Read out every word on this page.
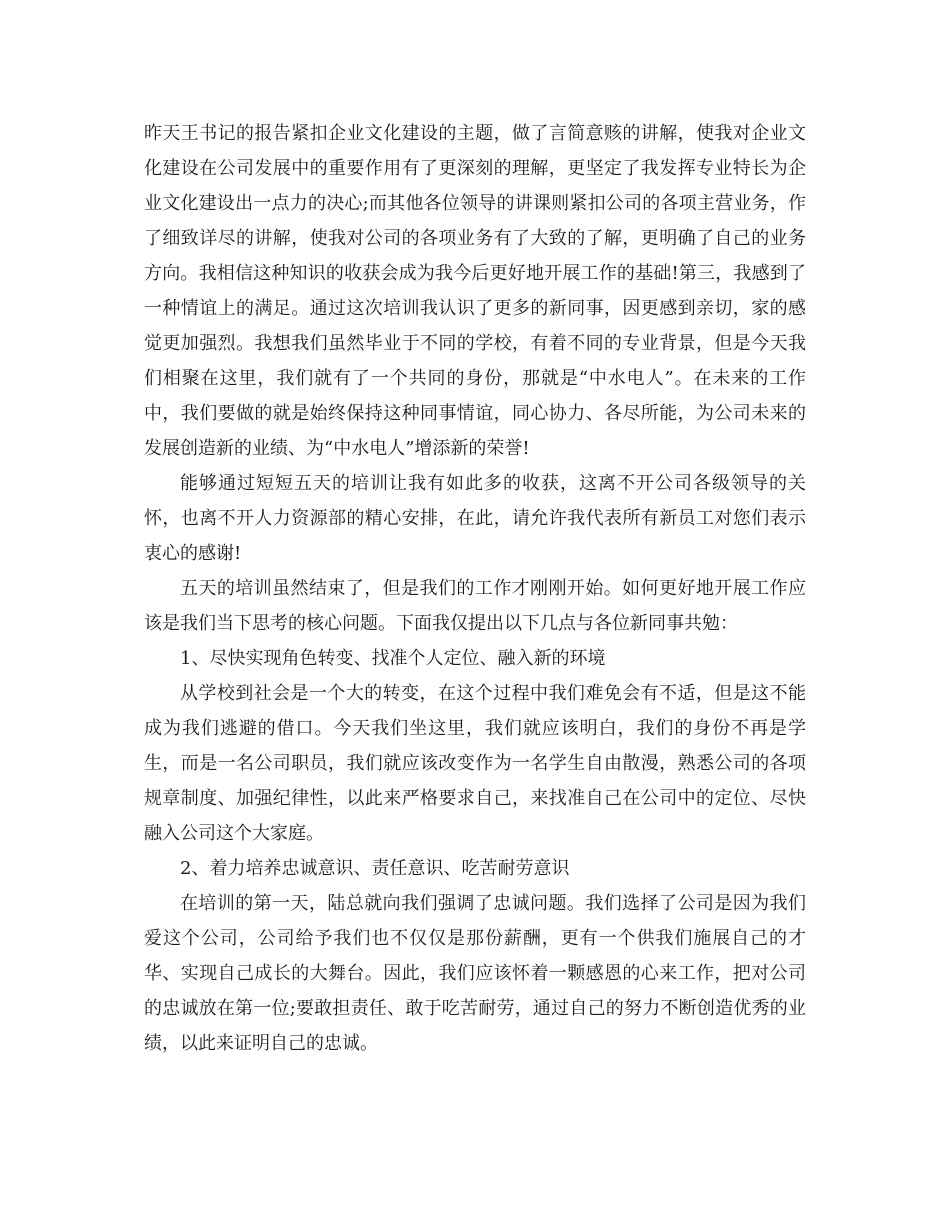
昨天王书记的报告紧扣企业文化建设的主题，做了言简意赅的讲解，使我对企业文化建设在公司发展中的重要作用有了更深刻的理解，更坚定了我发挥专业特长为企业文化建设出一点力的决心;而其他各位领导的讲课则紧扣公司的各项主营业务，作了细致详尽的讲解，使我对公司的各项业务有了大致的了解，更明确了自己的业务方向。我相信这种知识的收获会成为我今后更好地开展工作的基础!第三，我感到了一种情谊上的满足。通过这次培训我认识了更多的新同事，因更感到亲切，家的感觉更加强烈。我想我们虽然毕业于不同的学校，有着不同的专业背景，但是今天我们相聚在这里，我们就有了一个共同的身份，那就是“中水电人”。在未来的工作中，我们要做的就是始终保持这种同事情谊，同心协力、各尽所能，为公司未来的发展创造新的业绩、为“中水电人”增添新的荣誉!

能够通过短短五天的培训让我有如此多的收获，这离不开公司各级领导的关怀，也离不开人力资源部的精心安排，在此，请允许我代表所有新员工对您们表示衷心的感谢!

五天的培训虽然结束了，但是我们的工作才刚刚开始。如何更好地开展工作应该是我们当下思考的核心问题。下面我仅提出以下几点与各位新同事共勉：

1、尽快实现角色转变、找准个人定位、融入新的环境

从学校到社会是一个大的转变，在这个过程中我们难免会有不适，但是这不能成为我们逃避的借口。今天我们坐这里，我们就应该明白，我们的身份不再是学生，而是一名公司职员，我们就应该改变作为一名学生自由散漫，熟悉公司的各项规章制度、加强纪律性，以此来严格要求自己，来找准自己在公司中的定位、尽快融入公司这个大家庭。

2、着力培养忠诚意识、责任意识、吃苦耐劳意识

在培训的第一天，陆总就向我们强调了忠诚问题。我们选择了公司是因为我们爱这个公司，公司给予我们也不仅仅是那份薪酬，更有一个供我们施展自己的才华、实现自己成长的大舞台。因此，我们应该怀着一颗感恩的心来工作，把对公司的忠诚放在第一位;要敢担责任、敢于吃苦耐劳，通过自己的努力不断创造优秀的业绩，以此来证明自己的忠诚。
